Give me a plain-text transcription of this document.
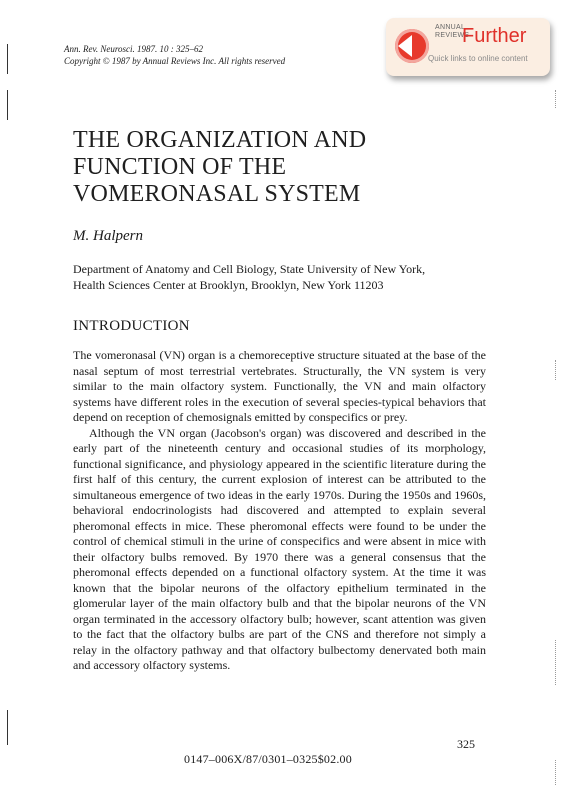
Ann. Rev. Neurosci. 1987. 10 : 325–62
Copyright © 1987 by Annual Reviews Inc. All rights reserved
ANNUAL
REVIEWS
Further
Quick links to online content
THE ORGANIZATION AND
FUNCTION OF THE
VOMERONASAL SYSTEM
M. Halpern
Department of Anatomy and Cell Biology, State University of New York,
Health Sciences Center at Brooklyn, Brooklyn, New York 11203
INTRODUCTION

The vomeronasal (VN) organ is a chemoreceptive structure situated at the base of the nasal septum of most terrestrial vertebrates. Structurally, the VN system is very similar to the main olfactory system. Functionally, the VN and main olfactory systems have different roles in the execution of several species-typical behaviors that depend on reception of chemosignals emitted by conspecifics or prey.

Although the VN organ (Jacobson's organ) was discovered and described in the early part of the nineteenth century and occasional studies of its morphology, functional significance, and physiology appeared in the scientific literature during the first half of this century, the current explosion of interest can be attributed to the simultaneous emergence of two ideas in the early 1970s. During the 1950s and 1960s, behavioral endocrinologists had discovered and attempted to explain several pheromonal effects in mice. These pheromonal effects were found to be under the control of chemical stimuli in the urine of conspecifics and were absent in mice with their olfactory bulbs removed. By 1970 there was a general consensus that the pheromonal effects depended on a functional olfactory system. At the time it was known that the bipolar neurons of the olfactory epithelium terminated in the glomerular layer of the main olfactory bulb and that the bipolar neurons of the VN organ terminated in the accessory olfactory bulb; however, scant attention was given to the fact that the olfactory bulbs are part of the CNS and therefore not simply a relay in the olfactory pathway and that olfactory bulbectomy denervated both main and accessory olfactory systems.

325
0147–006X/87/0301–0325$02.00
